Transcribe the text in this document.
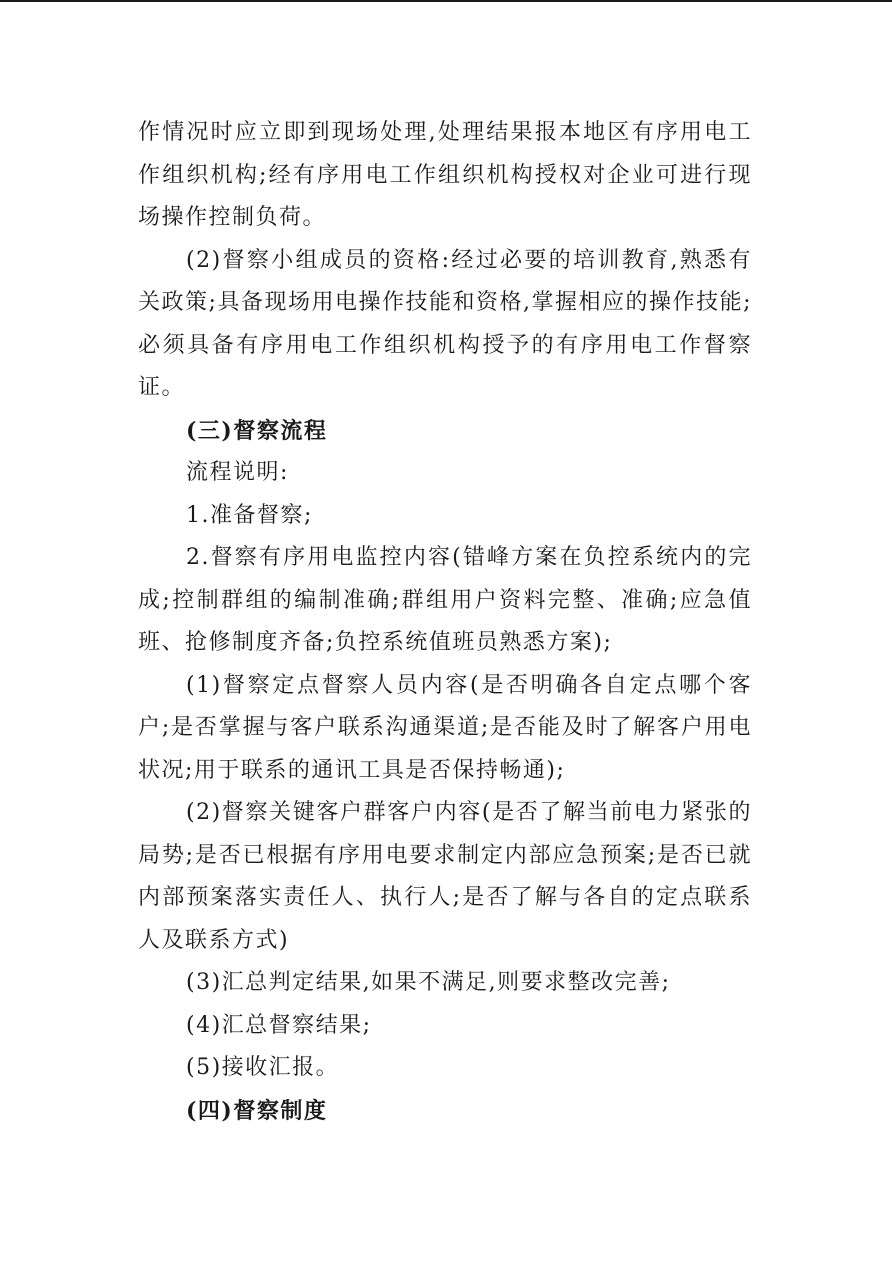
作情况时应立即到现场处理,处理结果报本地区有序用电工作组织机构;经有序用电工作组织机构授权对企业可进行现场操作控制负荷。

(2)督察小组成员的资格:经过必要的培训教育,熟悉有关政策;具备现场用电操作技能和资格,掌握相应的操作技能;必须具备有序用电工作组织机构授予的有序用电工作督察证。

(三)督察流程

流程说明:

1.准备督察;

2.督察有序用电监控内容(错峰方案在负控系统内的完成;控制群组的编制准确;群组用户资料完整、准确;应急值班、抢修制度齐备;负控系统值班员熟悉方案);

(1)督察定点督察人员内容(是否明确各自定点哪个客户;是否掌握与客户联系沟通渠道;是否能及时了解客户用电状况;用于联系的通讯工具是否保持畅通);

(2)督察关键客户群客户内容(是否了解当前电力紧张的局势;是否已根据有序用电要求制定内部应急预案;是否已就内部预案落实责任人、执行人;是否了解与各自的定点联系人及联系方式)

(3)汇总判定结果,如果不满足,则要求整改完善;

(4)汇总督察结果;

(5)接收汇报。

(四)督察制度
